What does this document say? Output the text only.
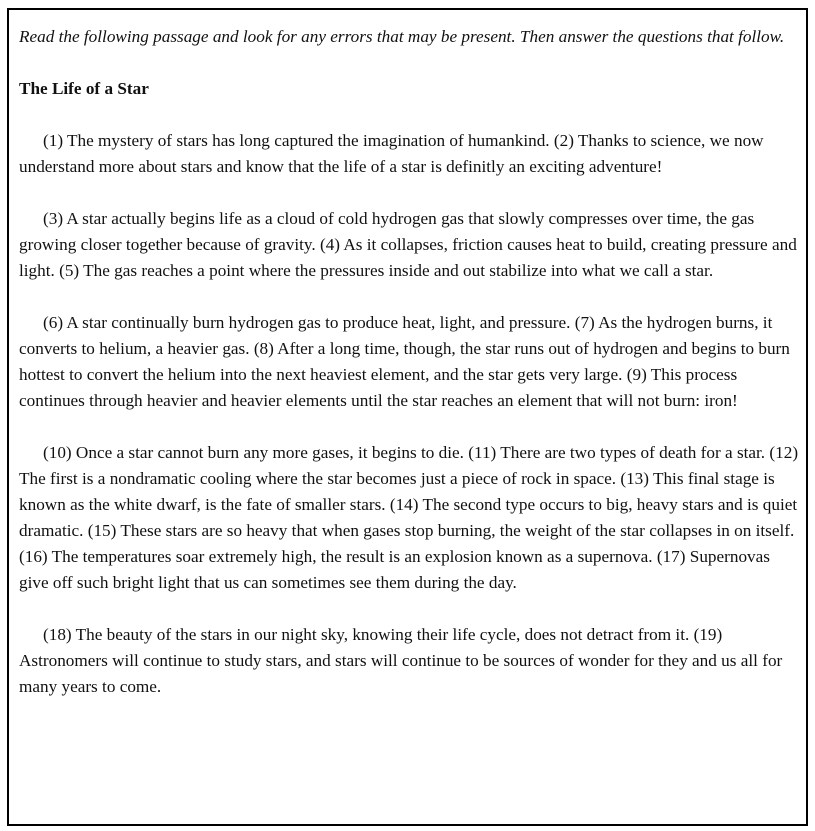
Read the following passage and look for any errors that may be present. Then answer the questions that follow.

The Life of a Star

(1) The mystery of stars has long captured the imagination of humankind. (2) Thanks to science, we now understand more about stars and know that the life of a star is definitly an exciting adventure!

(3) A star actually begins life as a cloud of cold hydrogen gas that slowly compresses over time, the gas growing closer together because of gravity. (4) As it collapses, friction causes heat to build, creating pressure and light. (5) The gas reaches a point where the pressures inside and out stabilize into what we call a star.

(6) A star continually burn hydrogen gas to produce heat, light, and pressure. (7) As the hydrogen burns, it converts to helium, a heavier gas. (8) After a long time, though, the star runs out of hydrogen and begins to burn hottest to convert the helium into the next heaviest element, and the star gets very large. (9) This process continues through heavier and heavier elements until the star reaches an element that will not burn: iron!

(10) Once a star cannot burn any more gases, it begins to die. (11) There are two types of death for a star. (12) The first is a nondramatic cooling where the star becomes just a piece of rock in space. (13) This final stage is known as the white dwarf, is the fate of smaller stars. (14) The second type occurs to big, heavy stars and is quiet dramatic. (15) These stars are so heavy that when gases stop burning, the weight of the star collapses in on itself. (16) The temperatures soar extremely high, the result is an explosion known as a supernova. (17) Supernovas give off such bright light that us can sometimes see them during the day.

(18) The beauty of the stars in our night sky, knowing their life cycle, does not detract from it. (19) Astronomers will continue to study stars, and stars will continue to be sources of wonder for they and us all for many years to come.
